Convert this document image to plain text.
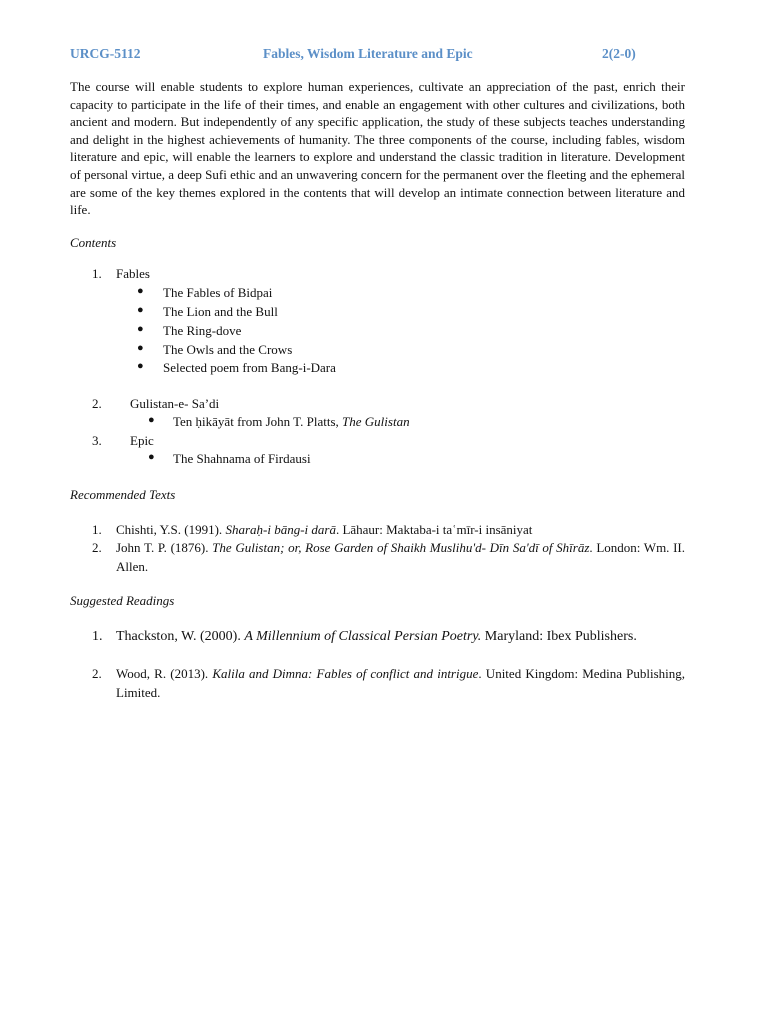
URCG-5112	Fables, Wisdom Literature and Epic	2(2-0)

The course will enable students to explore human experiences, cultivate an appreciation of the past, enrich their capacity to participate in the life of their times, and enable an engagement with other cultures and civilizations, both ancient and modern. But independently of any specific application, the study of these subjects teaches understanding and delight in the highest achievements of humanity. The three components of the course, including fables, wisdom literature and epic, will enable the learners to explore and understand the classic tradition in literature. Development of personal virtue, a deep Sufi ethic and an unwavering concern for the permanent over the fleeting and the ephemeral are some of the key themes explored in the contents that will develop an intimate connection between literature and life.

Contents

1. Fables
● The Fables of Bidpai
● The Lion and the Bull
● The Ring-dove
● The Owls and the Crows
● Selected poem from Bang-i-Dara
2. Gulistan-e- Sa’di
● Ten ḥikāyāt from John T. Platts, The Gulistan
3. Epic
● The Shahnama of Firdausi

Recommended Texts

1. Chishti, Y.S. (1991). Sharaḥ-i bāng-i darā. Lāhaur: Maktaba-i taʿmīr-i insāniyat
2. John T. P. (1876). The Gulistan; or, Rose Garden of Shaikh Muslihu'd- Dīn Sa'dī of Shīrāz. London: Wm. II. Allen.

Suggested Readings

1. Thackston, W. (2000). A Millennium of Classical Persian Poetry. Maryland: Ibex Publishers.
2. Wood, R. (2013). Kalila and Dimna: Fables of conflict and intrigue. United Kingdom: Medina Publishing, Limited.
